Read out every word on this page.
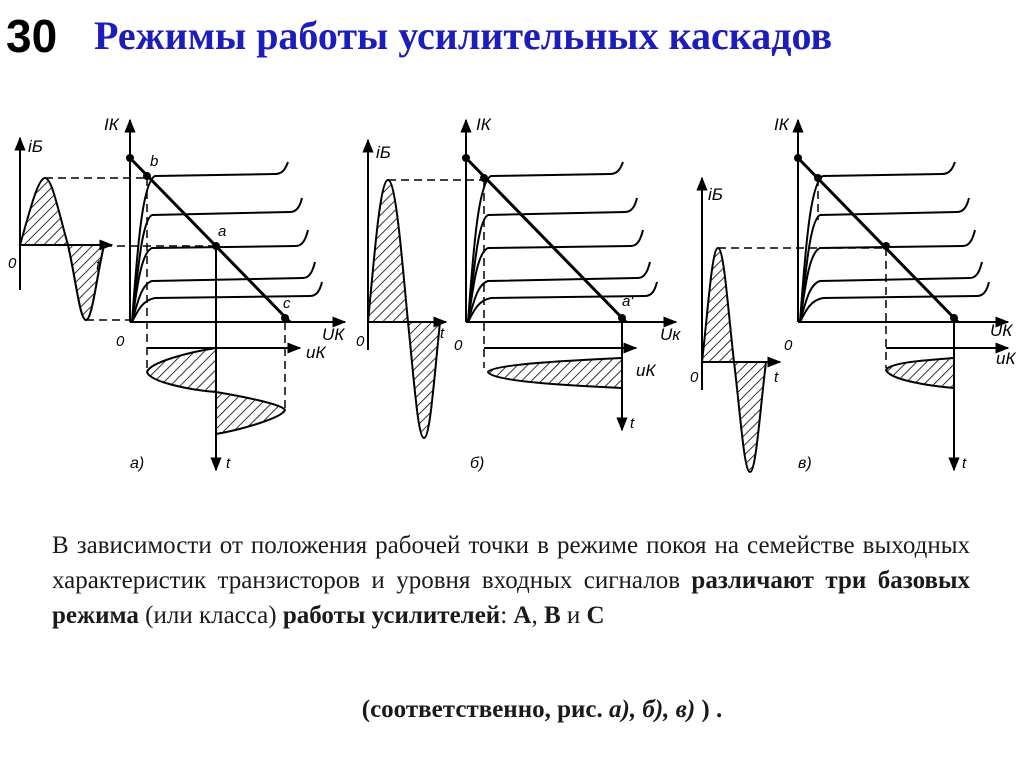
30 Режимы работы усилительных каскадов
iБ
IК
t
0
0	UК
uК
t
b
a
c
а)
iБ
IК
t
0	0
Uк
uК
t
a'
б)
iБ
IК
t
0
0
UК
uК
t
в)
В зависимости от положения рабочей точки в режиме покоя на семействе выходных характеристик транзисторов и уровня входных сигналов различают три базовых режима (или класса) работы усилителей: А, В и С
(соответственно, рис. а), б), в) ) .
